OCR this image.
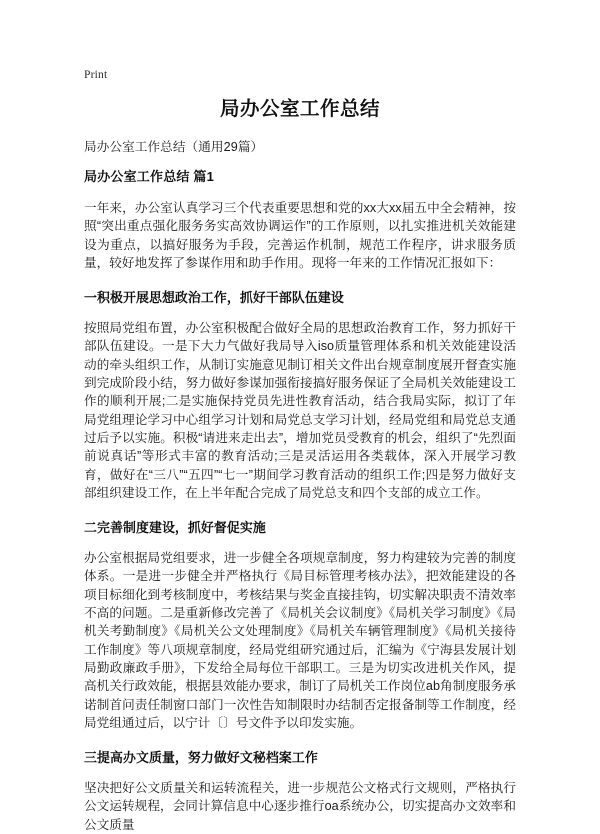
Print
局办公室工作总结
局办公室工作总结（通用29篇）
局办公室工作总结 篇1

一年来，办公室认真学习三个代表重要思想和党的xx大xx届五中全会精神，按照“突出重点强化服务务实高效协调运作”的工作原则，以扎实推进机关效能建设为重点，以搞好服务为手段，完善运作机制，规范工作程序，讲求服务质量，较好地发挥了参谋作用和助手作用。现将一年来的工作情况汇报如下：

一积极开展思想政治工作，抓好干部队伍建设

按照局党组布置，办公室积极配合做好全局的思想政治教育工作，努力抓好干部队伍建设。一是下大力气做好我局导入iso质量管理体系和机关效能建设活动的牵头组织工作，从制订实施意见制订相关文件出台规章制度展开督查实施到完成阶段小结，努力做好参谋加强衔接搞好服务保证了全局机关效能建设工作的顺利开展;二是实施保持党员先进性教育活动，结合我局实际，拟订了年局党组理论学习中心组学习计划和局党总支学习计划，经局党组和局党总支通过后予以实施。积极“请进来走出去”，增加党员受教育的机会，组织了“先烈面前说真话”等形式丰富的教育活动;三是灵活运用各类载体，深入开展学习教育，做好在“三八”“五四”“七一”期间学习教育活动的组织工作;四是努力做好支部组织建设工作，在上半年配合完成了局党总支和四个支部的成立工作。

二完善制度建设，抓好督促实施

办公室根据局党组要求，进一步健全各项规章制度，努力构建较为完善的制度体系。一是进一步健全并严格执行《局目标管理考核办法》，把效能建设的各项目标细化到考核制度中，考核结果与奖金直接挂钩，切实解决职责不清效率不高的问题。二是重新修改完善了《局机关会议制度》《局机关学习制度》《局机关考勤制度》《局机关公文处理制度》《局机关车辆管理制度》《局机关接待工作制度》等八项规章制度，经局党组研究通过后，汇编为《宁海县发展计划局勤政廉政手册》，下发给全局每位干部职工。三是为切实改进机关作风，提高机关行政效能，根据县效能办要求，制订了局机关工作岗位ab角制度服务承诺制首问责任制窗口部门一次性告知制限时办结制否定报备制等工作制度，经局党组通过后，以宁计〔〕号文件予以印发实施。

三提高办文质量，努力做好文秘档案工作

坚决把好公文质量关和运转流程关，进一步规范公文格式行文规则，严格执行公文运转规程，会同计算信息中心逐步推行oa系统办公，切实提高办文效率和公文质量
